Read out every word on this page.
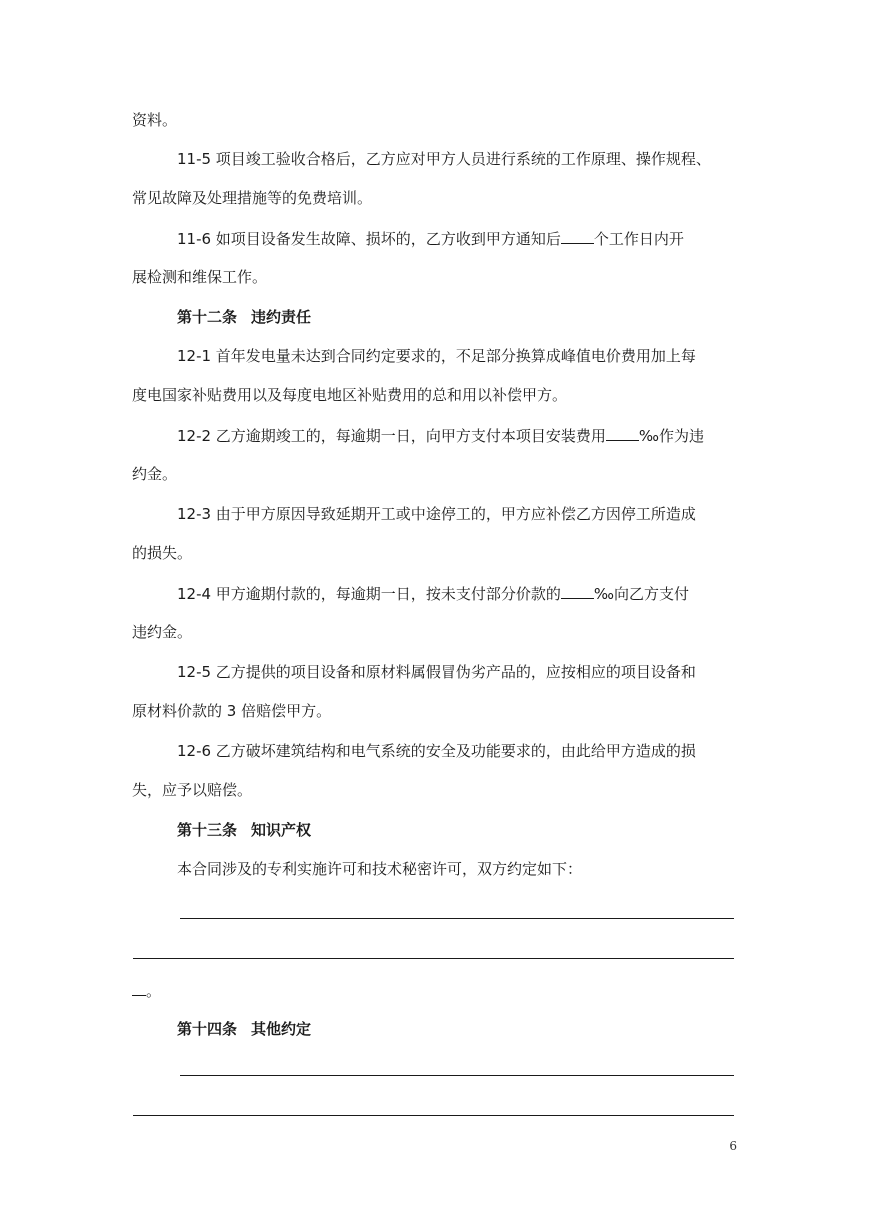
资料。
11-5 项目竣工验收合格后，乙方应对甲方人员进行系统的工作原理、操作规程、
常见故障及处理措施等的免费培训。
11-6 如项目设备发生故障、损坏的，乙方收到甲方通知后 个工作日内开
展检测和维保工作。
第十二条 违约责任
12-1 首年发电量未达到合同约定要求的，不足部分换算成峰值电价费用加上每
度电国家补贴费用以及每度电地区补贴费用的总和用以补偿甲方。
12-2 乙方逾期竣工的，每逾期一日，向甲方支付本项目安装费用 ‰作为违
约金。
12-3 由于甲方原因导致延期开工或中途停工的，甲方应补偿乙方因停工所造成
的损失。
12-4 甲方逾期付款的，每逾期一日，按未支付部分价款的 ‰向乙方支付
违约金。
12-5 乙方提供的项目设备和原材料属假冒伪劣产品的，应按相应的项目设备和
原材料价款的 3 倍赔偿甲方。
12-6 乙方破坏建筑结构和电气系统的安全及功能要求的，由此给甲方造成的损
失，应予以赔偿。
第十三条 知识产权
本合同涉及的专利实施许可和技术秘密许可，双方约定如下：
。
第十四条 其他约定
6
